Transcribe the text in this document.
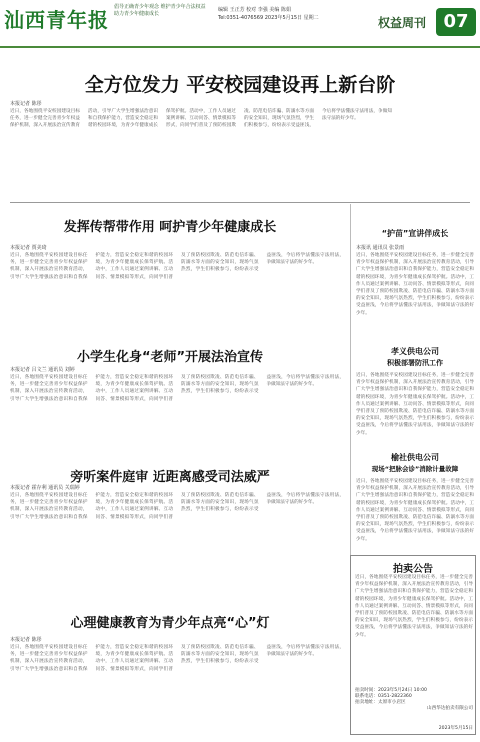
汕西青年报
倡导正确青少年观念 维护青少年合法权益 助力青少年健康成长
编辑 王正芳 校对 李强 美编 陈娟
Tel:0351-4076569 2023年5月15日 星期二	权益周刊 07
全方位发力 平安校园建设再上新台阶
本报记者 陈彤
近日，各地围绕平安校园建设目标任务，进一步健全完善青少年权益保护机制，深入开展法治宣传教育活动，引导广大学生增强法治意识和自我保护能力，营造安全稳定和谐的校园环境，为青少年健康成长保驾护航。活动中，工作人员通过案例讲解、互动问答、情景模拟等形式，向同学们普及了预防校园欺凌、防范电信诈骗、防溺水等方面的安全知识，现场气氛热烈，学生们积极参与，纷纷表示受益匪浅，今后将学法懂法守法用法，争做知法守法的好少年。
发挥传帮带作用 呵护青少年健康成长
本报记者 贾美琦
近日，各地围绕平安校园建设目标任务，进一步健全完善青少年权益保护机制，深入开展法治宣传教育活动，引导广大学生增强法治意识和自我保护能力，营造安全稳定和谐的校园环境，为青少年健康成长保驾护航。活动中，工作人员通过案例讲解、互动问答、情景模拟等形式，向同学们普及了预防校园欺凌、防范电信诈骗、防溺水等方面的安全知识，现场气氛热烈，学生们积极参与，纷纷表示受益匪浅，今后将学法懂法守法用法，争做知法守法的好少年。
小学生化身“老师”开展法治宣传
本报记者 吕文兰 通讯员 刘婷
近日，各地围绕平安校园建设目标任务，进一步健全完善青少年权益保护机制，深入开展法治宣传教育活动，引导广大学生增强法治意识和自我保护能力，营造安全稳定和谐的校园环境，为青少年健康成长保驾护航。活动中，工作人员通过案例讲解、互动问答、情景模拟等形式，向同学们普及了预防校园欺凌、防范电信诈骗、防溺水等方面的安全知识，现场气氛热烈，学生们积极参与，纷纷表示受益匪浅，今后将学法懂法守法用法，争做知法守法的好少年。
旁听案件庭审 近距离感受司法威严
本报记者 霍存利 通讯员 关瑞婷
近日，各地围绕平安校园建设目标任务，进一步健全完善青少年权益保护机制，深入开展法治宣传教育活动，引导广大学生增强法治意识和自我保护能力，营造安全稳定和谐的校园环境，为青少年健康成长保驾护航。活动中，工作人员通过案例讲解、互动问答、情景模拟等形式，向同学们普及了预防校园欺凌、防范电信诈骗、防溺水等方面的安全知识，现场气氛热烈，学生们积极参与，纷纷表示受益匪浅，今后将学法懂法守法用法，争做知法守法的好少年。
心理健康教育为青少年点亮“心”灯
本报记者 陈彤
近日，各地围绕平安校园建设目标任务，进一步健全完善青少年权益保护机制，深入开展法治宣传教育活动，引导广大学生增强法治意识和自我保护能力，营造安全稳定和谐的校园环境，为青少年健康成长保驾护航。活动中，工作人员通过案例讲解、互动问答、情景模拟等形式，向同学们普及了预防校园欺凌、防范电信诈骗、防溺水等方面的安全知识，现场气氛热烈，学生们积极参与，纷纷表示受益匪浅，今后将学法懂法守法用法，争做知法守法的好少年。
“护苗”宣讲伴成长
本报讯 通讯员 张景雨
近日，各地围绕平安校园建设目标任务，进一步健全完善青少年权益保护机制，深入开展法治宣传教育活动，引导广大学生增强法治意识和自我保护能力，营造安全稳定和谐的校园环境，为青少年健康成长保驾护航。活动中，工作人员通过案例讲解、互动问答、情景模拟等形式，向同学们普及了预防校园欺凌、防范电信诈骗、防溺水等方面的安全知识，现场气氛热烈，学生们积极参与，纷纷表示受益匪浅，今后将学法懂法守法用法，争做知法守法的好少年。
孝义供电公司
积极部署防汛工作
近日，各地围绕平安校园建设目标任务，进一步健全完善青少年权益保护机制，深入开展法治宣传教育活动，引导广大学生增强法治意识和自我保护能力，营造安全稳定和谐的校园环境，为青少年健康成长保驾护航。活动中，工作人员通过案例讲解、互动问答、情景模拟等形式，向同学们普及了预防校园欺凌、防范电信诈骗、防溺水等方面的安全知识，现场气氛热烈，学生们积极参与，纷纷表示受益匪浅，今后将学法懂法守法用法，争做知法守法的好少年。
榆社供电公司
现场“把脉会诊”消除计量故障
近日，各地围绕平安校园建设目标任务，进一步健全完善青少年权益保护机制，深入开展法治宣传教育活动，引导广大学生增强法治意识和自我保护能力，营造安全稳定和谐的校园环境，为青少年健康成长保驾护航。活动中，工作人员通过案例讲解、互动问答、情景模拟等形式，向同学们普及了预防校园欺凌、防范电信诈骗、防溺水等方面的安全知识，现场气氛热烈，学生们积极参与，纷纷表示受益匪浅，今后将学法懂法守法用法，争做知法守法的好少年。
拍卖公告
近日，各地围绕平安校园建设目标任务，进一步健全完善青少年权益保护机制，深入开展法治宣传教育活动，引导广大学生增强法治意识和自我保护能力，营造安全稳定和谐的校园环境，为青少年健康成长保驾护航。活动中，工作人员通过案例讲解、互动问答、情景模拟等形式，向同学们普及了预防校园欺凌、防范电信诈骗、防溺水等方面的安全知识，现场气氛热烈，学生们积极参与，纷纷表示受益匪浅，今后将学法懂法守法用法，争做知法守法的好少年。
拍卖时间：2023年5月24日 10:00
联系电话：0351-2822360
拍卖地址：太原市小店区
山西华达拍卖有限公司
2023年5月15日
